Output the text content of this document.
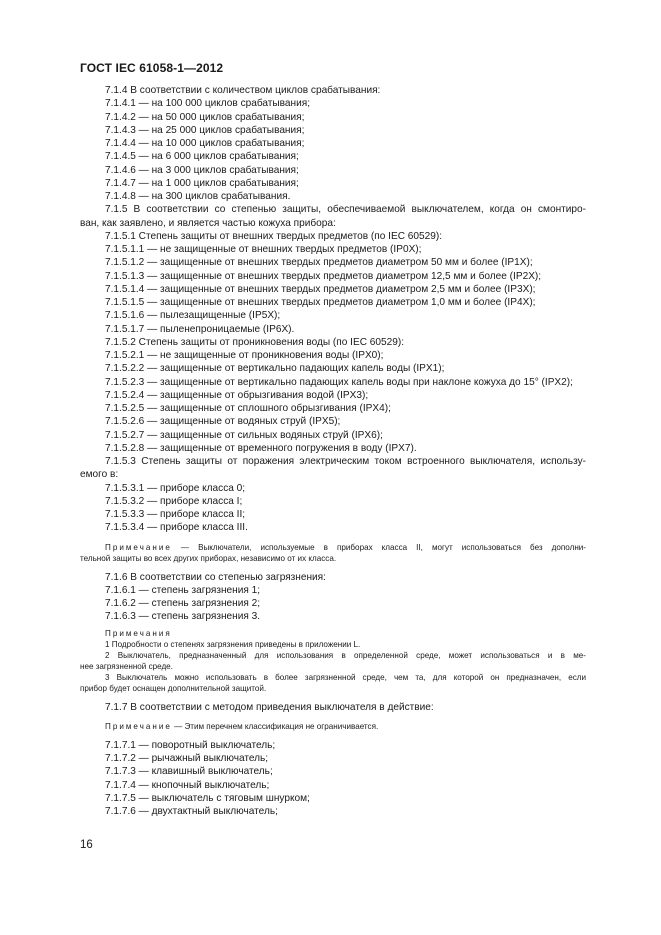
ГОСТ IEC 61058-1—2012
7.1.4 В соответствии с количеством циклов срабатывания:
7.1.4.1 — на 100 000 циклов срабатывания;
7.1.4.2 — на 50 000 циклов срабатывания;
7.1.4.3 — на 25 000 циклов срабатывания;
7.1.4.4 — на 10 000 циклов срабатывания;
7.1.4.5 — на 6 000 циклов срабатывания;
7.1.4.6 — на 3 000 циклов срабатывания;
7.1.4.7 — на 1 000 циклов срабатывания;
7.1.4.8 — на 300 циклов срабатывания.
7.1.5 В соответствии со степенью защиты, обеспечиваемой выключателем, когда он смонтиро-
ван, как заявлено, и является частью кожуха прибора:
7.1.5.1 Степень защиты от внешних твердых предметов (по IEC 60529):
7.1.5.1.1 — не защищенные от внешних твердых предметов (IP0X);
7.1.5.1.2 — защищенные от внешних твердых предметов диаметром 50 мм и более (IP1X);
7.1.5.1.3 — защищенные от внешних твердых предметов диаметром 12,5 мм и более (IP2X);
7.1.5.1.4 — защищенные от внешних твердых предметов диаметром 2,5 мм и более (IP3X);
7.1.5.1.5 — защищенные от внешних твердых предметов диаметром 1,0 мм и более (IP4X);
7.1.5.1.6 — пылезащищенные (IP5X);
7.1.5.1.7 — пыленепроницаемые (IP6X).
7.1.5.2 Степень защиты от проникновения воды (по IEC 60529):
7.1.5.2.1 — не защищенные от проникновения воды (IPX0);
7.1.5.2.2 — защищенные от вертикально падающих капель воды (IPX1);
7.1.5.2.3 — защищенные от вертикально падающих капель воды при наклоне кожуха до 15° (IPX2);
7.1.5.2.4 — защищенные от обрызгивания водой (IPX3);
7.1.5.2.5 — защищенные от сплошного обрызгивания (IPX4);
7.1.5.2.6 — защищенные от водяных струй (IPX5);
7.1.5.2.7 — защищенные от сильных водяных струй (IPX6);
7.1.5.2.8 — защищенные от временного погружения в воду (IPX7).
7.1.5.3 Степень защиты от поражения электрическим током встроенного выключателя, использу-
емого в:
7.1.5.3.1 — приборе класса 0;
7.1.5.3.2 — приборе класса I;
7.1.5.3.3 — приборе класса II;
7.1.5.3.4 — приборе класса III.
Примечание — Выключатели, используемые в приборах класса II, могут использоваться без дополни-
тельной защиты во всех других приборах, независимо от их класса.
7.1.6 В соответствии со степенью загрязнения:
7.1.6.1 — степень загрязнения 1;
7.1.6.2 — степень загрязнения 2;
7.1.6.3 — степень загрязнения 3.
Примечания
1 Подробности о степенях загрязнения приведены в приложении L.
2 Выключатель, предназначенный для использования в определенной среде, может использоваться и в ме-
нее загрязненной среде.
3 Выключатель можно использовать в более загрязненной среде, чем та, для которой он предназначен, если
прибор будет оснащен дополнительной защитой.
7.1.7 В соответствии с методом приведения выключателя в действие:
Примечание — Этим перечнем классификация не ограничивается.
7.1.7.1 — поворотный выключатель;
7.1.7.2 — рычажный выключатель;
7.1.7.3 — клавишный выключатель;
7.1.7.4 — кнопочный выключатель;
7.1.7.5 — выключатель с тяговым шнурком;
7.1.7.6 — двухтактный выключатель;
16
